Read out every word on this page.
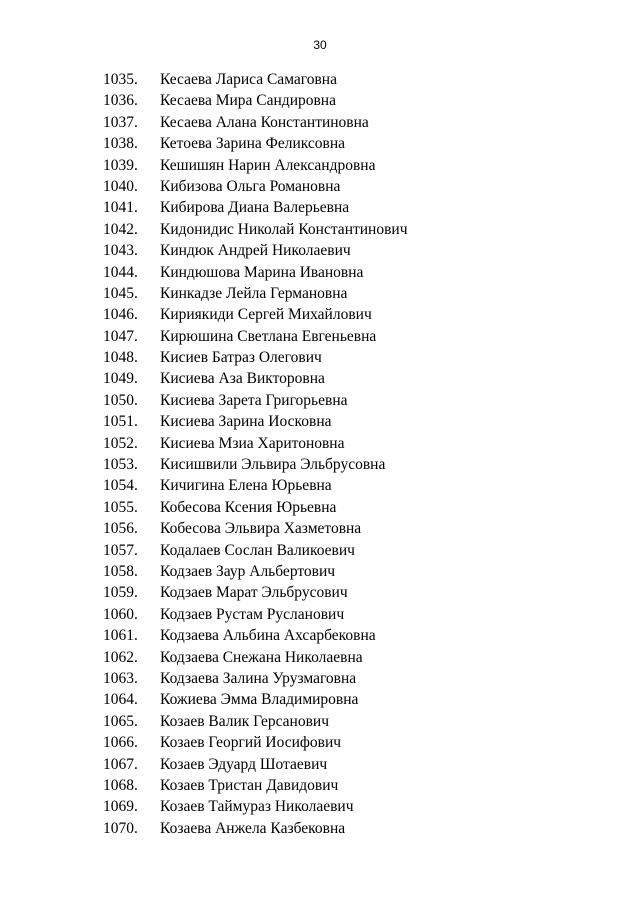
30
1035. Кесаева Лариса Самаговна
1036. Кесаева Мира Сандировна
1037. Кесаева Алана Константиновна
1038. Кетоева Зарина Феликсовна
1039. Кешишян Нарин Александровна
1040. Кибизова Ольга Романовна
1041. Кибирова Диана Валерьевна
1042. Кидонидис Николай Константинович
1043. Киндюк Андрей Николаевич
1044. Киндюшова Марина Ивановна
1045. Кинкадзе Лейла Германовна
1046. Кириякиди Сергей Михайлович
1047. Кирюшина Светлана Евгеньевна
1048. Кисиев Батраз Олегович
1049. Кисиева Аза Викторовна
1050. Кисиева Зарета Григорьевна
1051. Кисиева Зарина Иосковна
1052. Кисиева Мзиа Харитоновна
1053. Кисишвили Эльвира Эльбрусовна
1054. Кичигина Елена Юрьевна
1055. Кобесова Ксения Юрьевна
1056. Кобесова Эльвира Хазметовна
1057. Кодалаев Сослан Валикоевич
1058. Кодзаев Заур Альбертович
1059. Кодзаев Марат Эльбрусович
1060. Кодзаев Рустам Русланович
1061. Кодзаева Альбина Ахсарбековна
1062. Кодзаева Снежана Николаевна
1063. Кодзаева Залина Урузмаговна
1064. Кожиева Эмма Владимировна
1065. Козаев Валик Герсанович
1066. Козаев Георгий Иосифович
1067. Козаев Эдуард Шотаевич
1068. Козаев Тристан Давидович
1069. Козаев Таймураз Николаевич
1070. Козаева Анжела Казбековна
